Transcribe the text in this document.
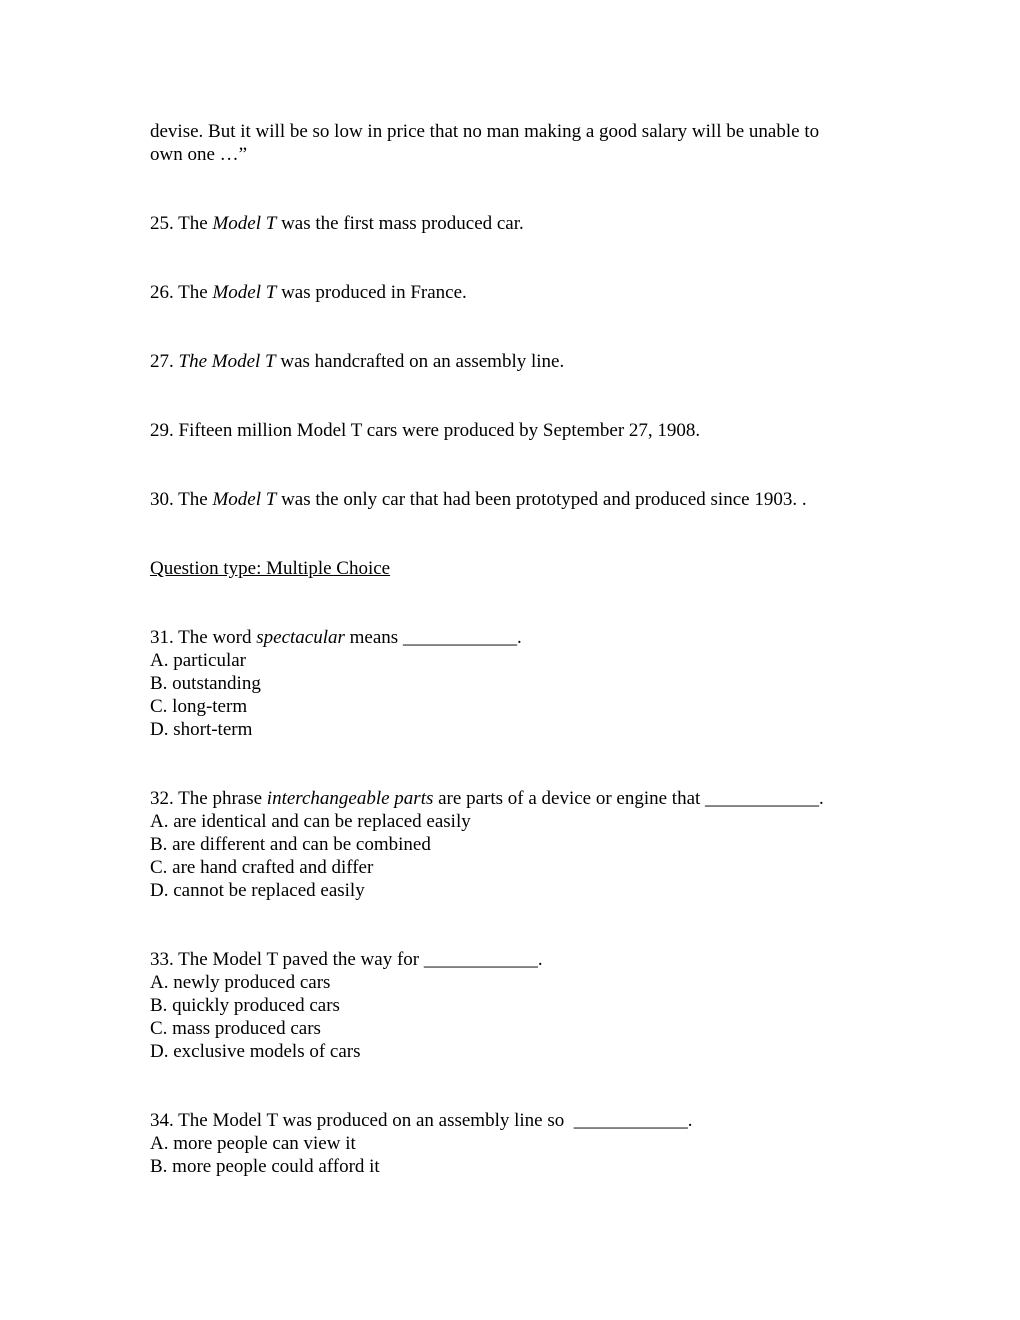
devise. But it will be so low in price that no man making a good salary will be unable to
own one …”
25. The Model T was the first mass produced car.
26. The Model T was produced in France.
27. The Model T was handcrafted on an assembly line.
29. Fifteen million Model T cars were produced by September 27, 1908.
30. The Model T was the only car that had been prototyped and produced since 1903. .
Question type: Multiple Choice
31. The word spectacular means ____________.
A. particular
B. outstanding
C. long-term
D. short-term
32. The phrase interchangeable parts are parts of a device or engine that ____________.
A. are identical and can be replaced easily
B. are different and can be combined
C. are hand crafted and differ
D. cannot be replaced easily
33. The Model T paved the way for ____________.
A. newly produced cars
B. quickly produced cars
C. mass produced cars
D. exclusive models of cars
34. The Model T was produced on an assembly line so  ____________.
A. more people can view it
B. more people could afford it
